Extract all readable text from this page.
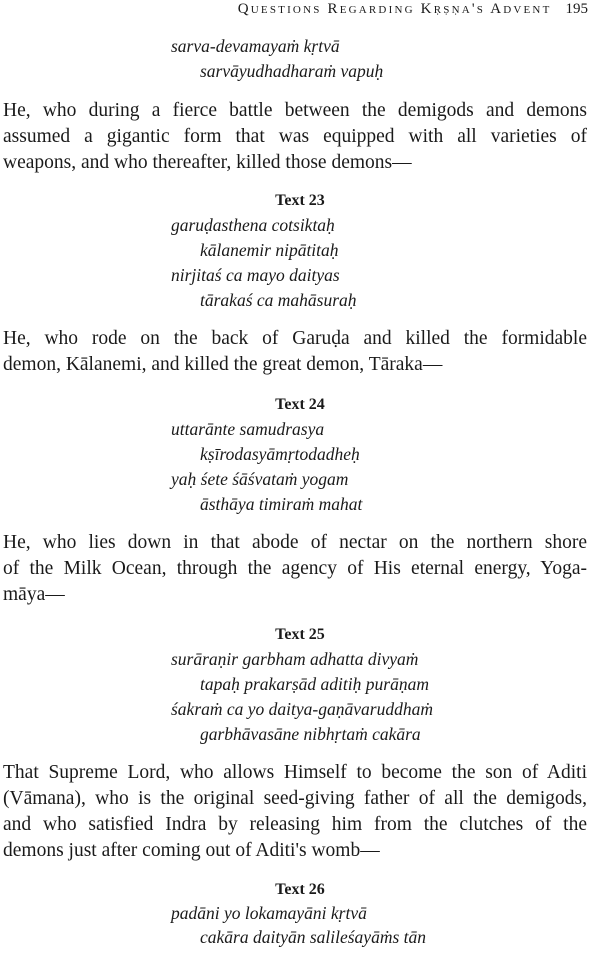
Questions Regarding Kṛṣṇa's Advent 195
sarva-devamayaṁ kṛtvā
sarvāyudhadharaṁ vapuḥ
He, who during a fierce battle between the demigods and demons
assumed a gigantic form that was equipped with all varieties of
weapons, and who thereafter, killed those demons—
Text 23
garuḍasthena cotsiktaḥ
kālanemir nipātitaḥ
nirjitaś ca mayo daityas
tārakaś ca mahāsuraḥ
He, who rode on the back of Garuḍa and killed the formidable
demon, Kālanemi, and killed the great demon, Tāraka—
Text 24
uttarānte samudrasya
kṣīrodasyāmṛtodadheḥ
yaḥ śete śāśvataṁ yogam
āsthāya timiraṁ mahat
He, who lies down in that abode of nectar on the northern shore
of the Milk Ocean, through the agency of His eternal energy, Yoga-
māya—
Text 25
surāraṇir garbham adhatta divyaṁ
tapaḥ prakarṣād aditiḥ purāṇam
śakraṁ ca yo daitya-gaṇāvaruddhaṁ
garbhāvasāne nibhṛtaṁ cakāra
That Supreme Lord, who allows Himself to become the son of Aditi
(Vāmana), who is the original seed-giving father of all the demigods,
and who satisfied Indra by releasing him from the clutches of the
demons just after coming out of Aditi's womb—
Text 26
padāni yo lokamayāni kṛtvā
cakāra daityān salileśayāṁs tān
